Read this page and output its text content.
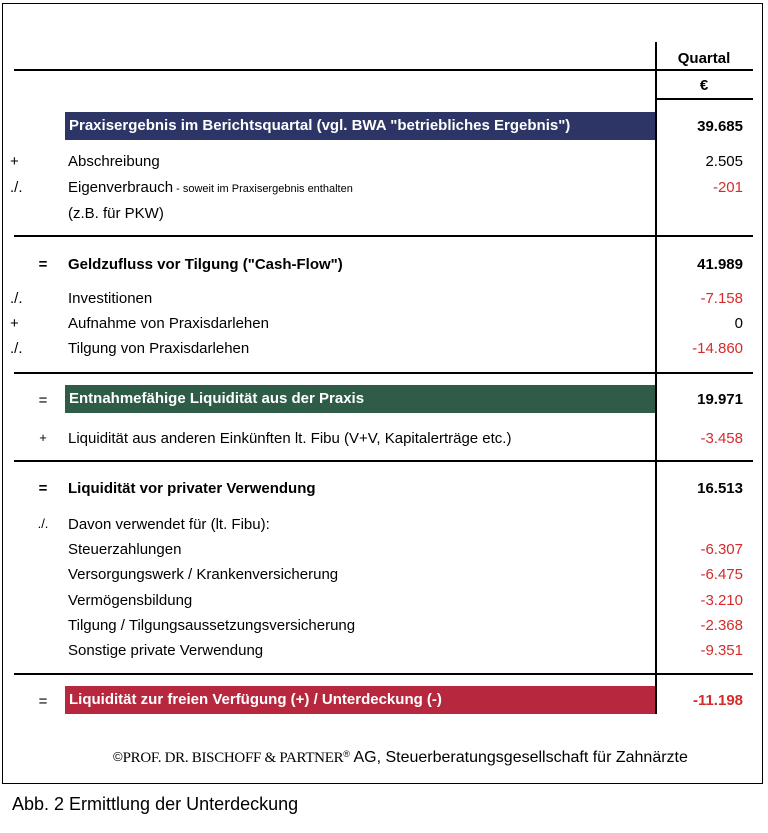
Quartal
€
Praxisergebnis im Berichtsquartal (vgl. BWA "betriebliches Ergebnis")	39.685
+	Abschreibung	2.505
./.	Eigenverbrauch - soweit im Praxisergebnis enthalten	-201
(z.B. für PKW)
=	Geldzufluss vor Tilgung ("Cash-Flow")	41.989
./.	Investitionen	-7.158
+	Aufnahme von Praxisdarlehen	0
./.	Tilgung von Praxisdarlehen	-14.860
=	Entnahmefähige Liquidität aus der Praxis	19.971
+	Liquidität aus anderen Einkünften lt. Fibu (V+V, Kapitalerträge etc.)	-3.458
=	Liquidität vor privater Verwendung	16.513
./.	Davon verwendet für (lt. Fibu):
Steuerzahlungen	-6.307
Versorgungswerk / Krankenversicherung	-6.475
Vermögensbildung	-3.210
Tilgung / Tilgungsaussetzungsversicherung	-2.368
Sonstige private Verwendung	-9.351
=	Liquidität zur freien Verfügung (+) / Unterdeckung (-)	-11.198
©PROF. DR. BISCHOFF & PARTNER® AG, Steuerberatungsgesellschaft für Zahnärzte
Abb. 2 Ermittlung der Unterdeckung
